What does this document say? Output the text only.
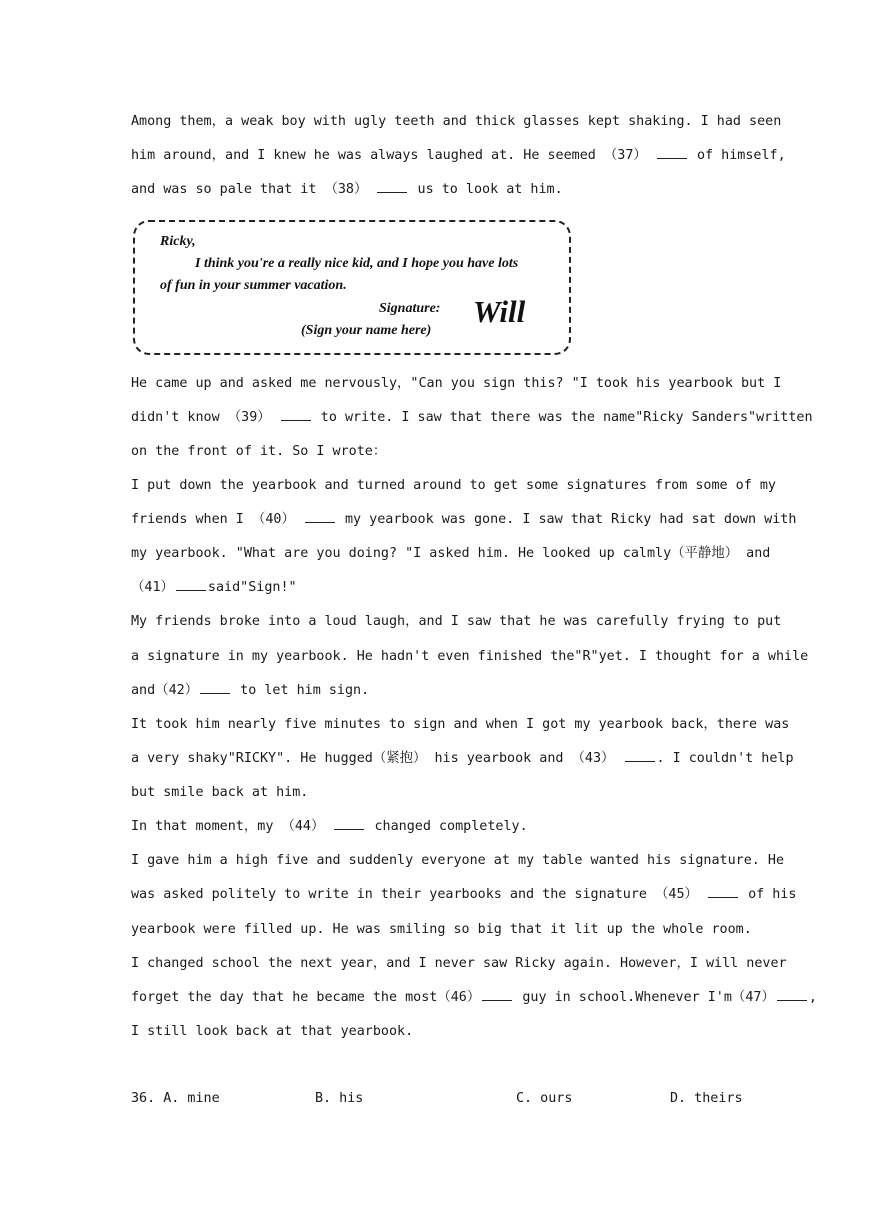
Among them，a weak boy with ugly teeth and thick glasses kept shaking. I had seen
him around，and I knew he was always laughed at. He seemed （37）	of himself,
and was so pale that it （38）	us to look at him.
Ricky,
I think you're a really nice kid, and I hope you have lots
of fun in your summer vacation.
Signature: Will
(Sign your name here)
He came up and asked me nervously，"Can you sign this? "I took his yearbook but I
didn't know （39）	to write. I saw that there was the name"Ricky Sanders"written
on the front of it. So I wrote：
I put down the yearbook and turned around to get some signatures from some of my
friends when I （40）	my yearbook was gone. I saw that Ricky had sat down with
my yearbook. "What are you doing? "I asked him. He looked up calmly（平静地） and
（41）	said"Sign!"
My friends broke into a loud laugh，and I saw that he was carefully frying to put
a signature in my yearbook. He hadn't even finished the"R"yet. I thought for a while
and（42）	to let him sign.
It took him nearly five minutes to sign and when I got my yearbook back，there was
a very shaky"RICKY". He hugged（紧抱） his yearbook and （43）	. I couldn't help
but smile back at him.
In that moment，my （44）	changed completely.
I gave him a high five and suddenly everyone at my table wanted his signature. He
was asked politely to write in their yearbooks and the signature （45）	of his
yearbook were filled up. He was smiling so big that it lit up the whole room.
I changed school the next year，and I never saw Ricky again. However，I will never
forget the day that he became the most（46）	guy in school.Whenever I'm（47）	,
I still look back at that yearbook.
36. A. mine	B. his	C. ours	D. theirs
